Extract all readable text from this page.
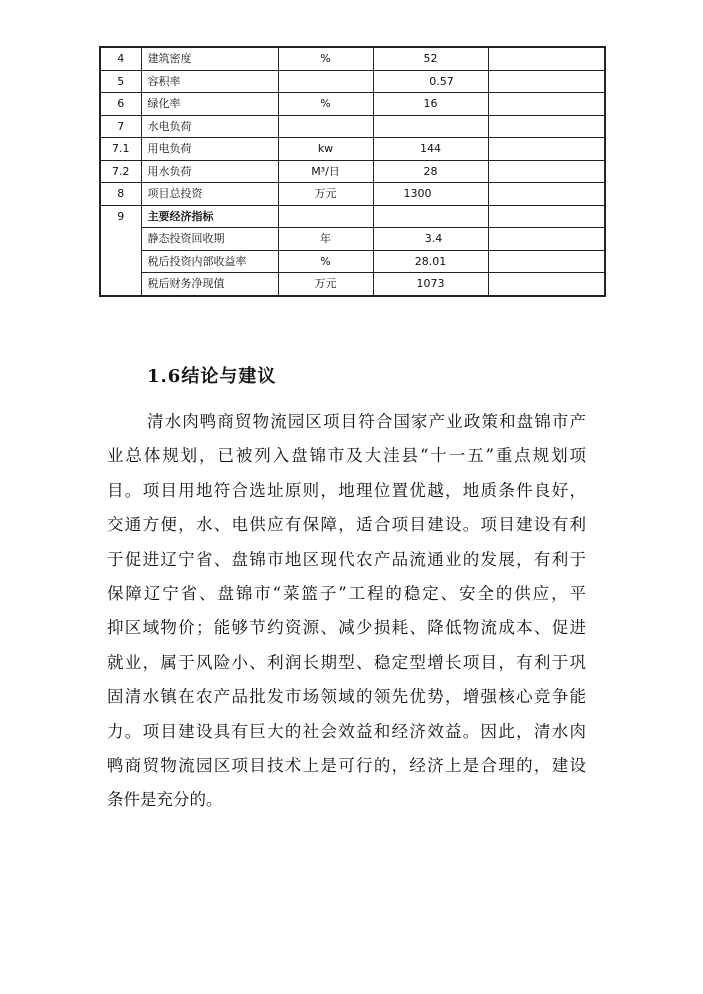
4	建筑密度	%	52	
5	容积率		0.57	
6	绿化率	%	16	
7	水电负荷			
7.1	用电负荷	kw	144	
7.2	用水负荷	M³/日	28	
8	项目总投资	万元	1300	
9	主要经济指标			
	静态投资回收期	年	3.4	
	税后投资内部收益率	%	28.01	
	税后财务净现值	万元	1073	
1.6结论与建议
清水肉鸭商贸物流园区项目符合国家产业政策和盘锦市产
业总体规划，已被列入盘锦市及大洼县“十一五”重点规划项
目。项目用地符合选址原则，地理位置优越，地质条件良好，
交通方便，水、电供应有保障，适合项目建设。项目建设有利
于促进辽宁省、盘锦市地区现代农产品流通业的发展，有利于
保障辽宁省、盘锦市“菜篮子”工程的稳定、安全的供应，平
抑区域物价；能够节约资源、减少损耗、降低物流成本、促进
就业，属于风险小、利润长期型、稳定型增长项目，有利于巩
固清水镇在农产品批发市场领域的领先优势，增强核心竞争能
力。项目建设具有巨大的社会效益和经济效益。因此，清水肉
鸭商贸物流园区项目技术上是可行的，经济上是合理的，建设
条件是充分的。
